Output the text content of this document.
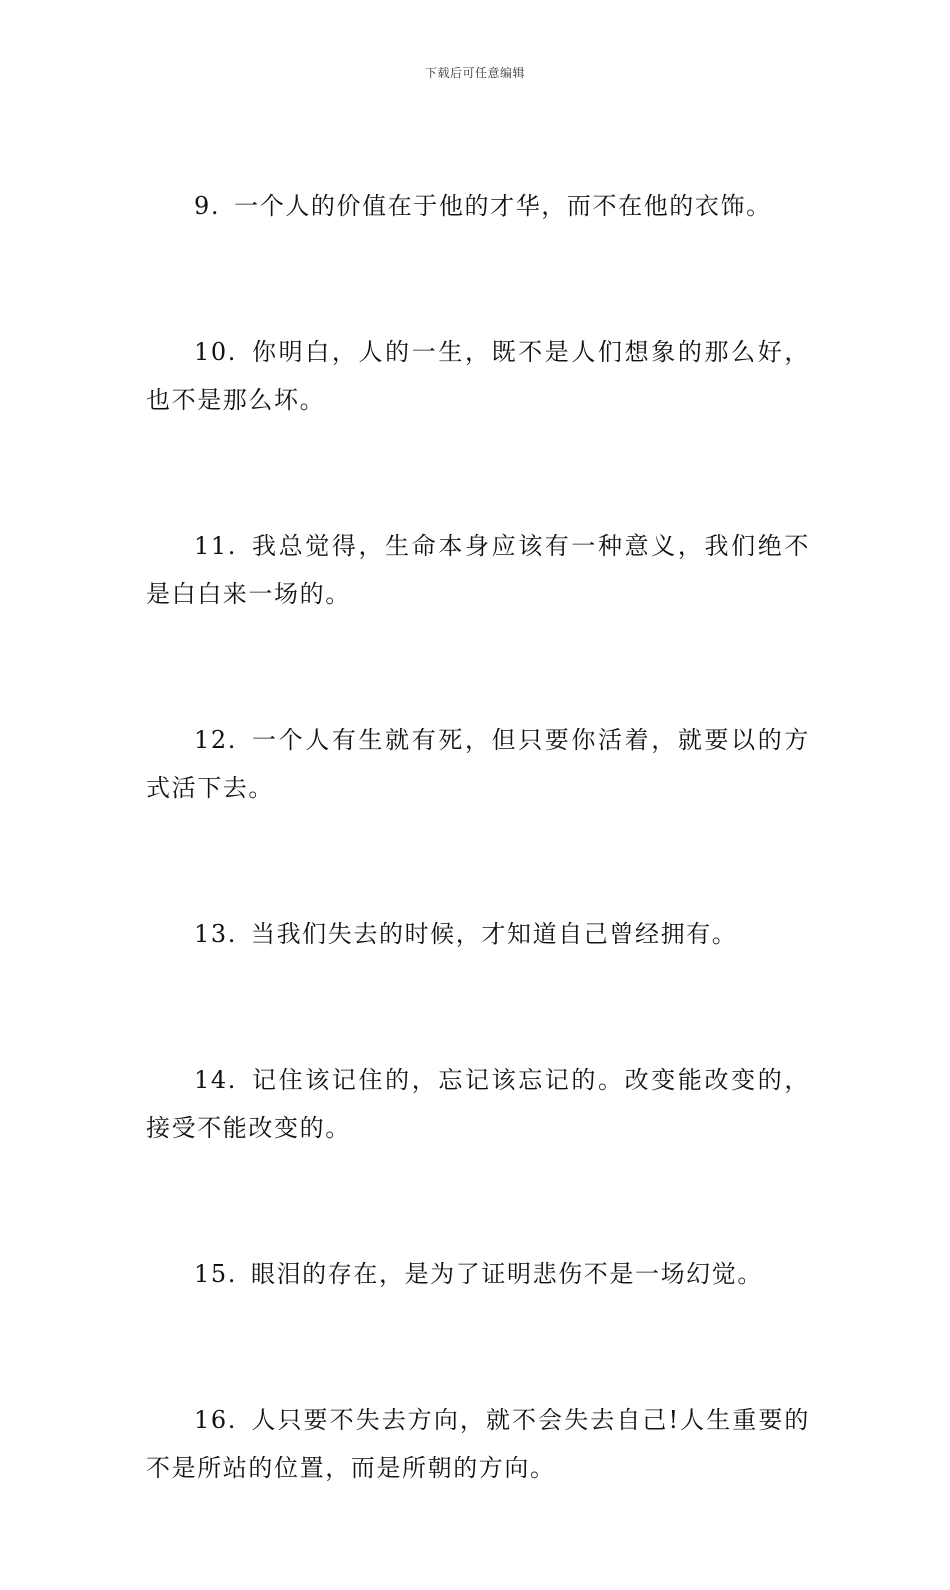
下载后可任意编辑

9. 一个人的价值在于他的才华，而不在他的衣饰。

10. 你明白，人的一生，既不是人们想象的那么好，也不是那么坏。

11. 我总觉得，生命本身应该有一种意义，我们绝不是白白来一场的。

12. 一个人有生就有死，但只要你活着，就要以的方式活下去。

13. 当我们失去的时候，才知道自己曾经拥有。

14. 记住该记住的，忘记该忘记的。改变能改变的，接受不能改变的。

15. 眼泪的存在，是为了证明悲伤不是一场幻觉。

16. 人只要不失去方向，就不会失去自己!人生重要的不是所站的位置，而是所朝的方向。
